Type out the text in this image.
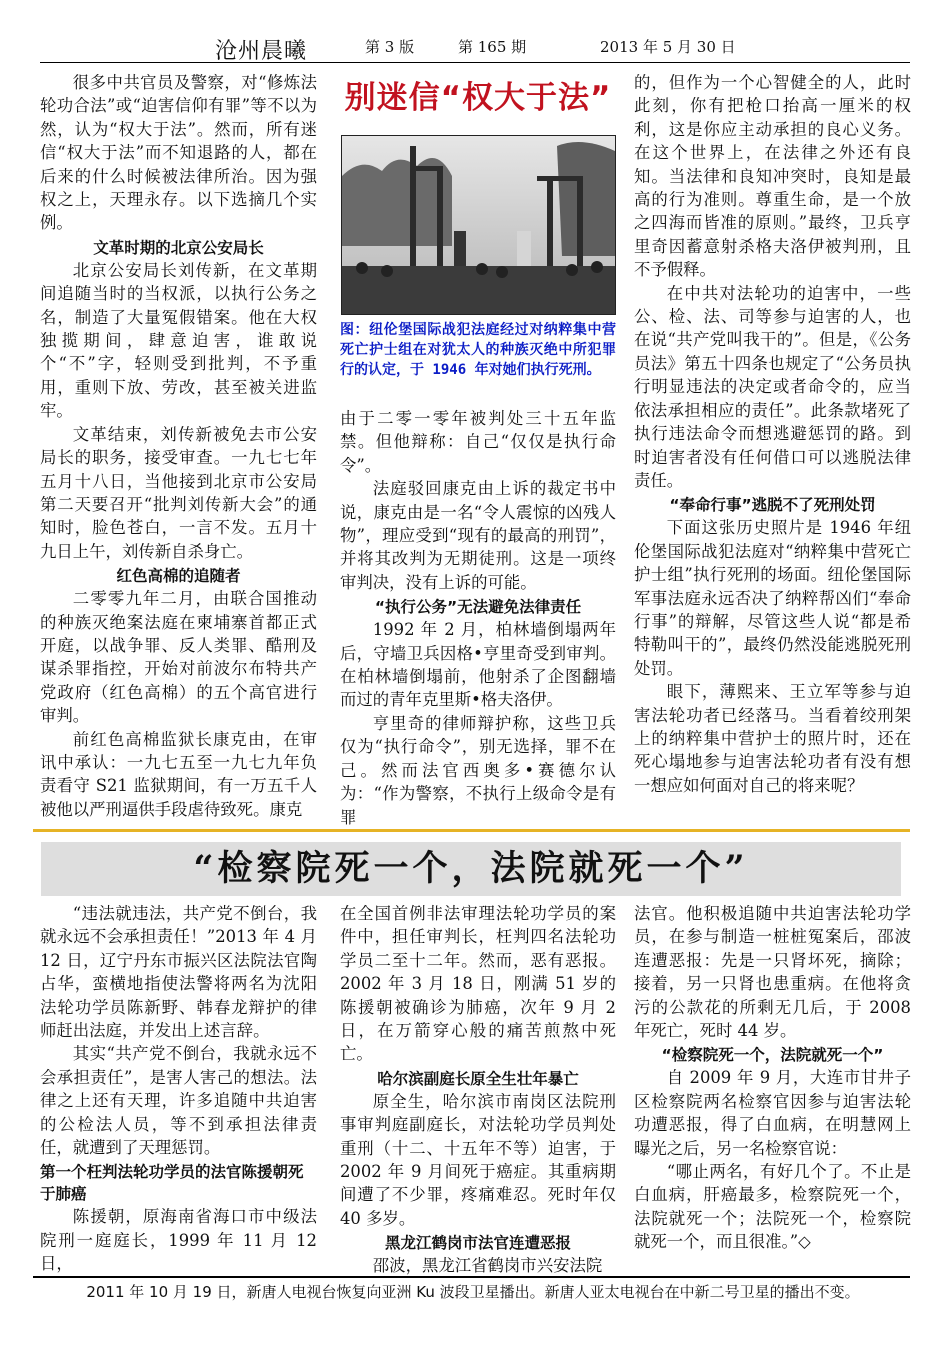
沧州晨曦	第 3 版	第 165 期	2013 年 5 月 30 日

很多中共官员及警察，对“修炼法轮功合法”或“迫害信仰有罪”等不以为然，认为“权大于法”。然而，所有迷信“权大于法”而不知退路的人，都在后来的什么时候被法律所治。因为强权之上，天理永存。以下选摘几个实例。

文革时期的北京公安局长

北京公安局长刘传新，在文革期间追随当时的当权派，以执行公务之名，制造了大量冤假错案。他在大权独揽期间，肆意迫害，谁敢说个“不”字，轻则受到批判，不予重用，重则下放、劳改，甚至被关进监牢。

文革结束，刘传新被免去市公安局长的职务，接受审查。一九七七年五月十八日，当他接到北京市公安局第二天要召开“批判刘传新大会”的通知时，脸色苍白，一言不发。五月十九日上午，刘传新自杀身亡。

红色高棉的追随者

二零零九年二月，由联合国推动的种族灭绝案法庭在柬埔寨首都正式开庭，以战争罪、反人类罪、酷刑及谋杀罪指控，开始对前波尔布特共产党政府（红色高棉）的五个高官进行审判。

前红色高棉监狱长康克由，在审讯中承认：一九七五至一九七九年负责看守 S21 监狱期间，有一万五千人被他以严刑逼供手段虐待致死。康克

别迷信“权大于法”
图：纽伦堡国际战犯法庭经过对纳粹集中营死亡护士组在对犹太人的种族灭绝中所犯罪行的认定，于 1946 年对她们执行死刑。

由于二零一零年被判处三十五年监禁。但他辩称：自己“仅仅是执行命令”。

法庭驳回康克由上诉的裁定书中说，康克由是一名“令人震惊的凶残人物”，理应受到“现有的最高的刑罚”，并将其改判为无期徒刑。这是一项终审判决，没有上诉的可能。

“执行公务”无法避免法律责任

1992 年 2 月，柏林墙倒塌两年后，守墙卫兵因格•亨里奇受到审判。在柏林墙倒塌前，他射杀了企图翻墙而过的青年克里斯•格夫洛伊。

亨里奇的律师辩护称，这些卫兵仅为“执行命令”，别无选择，罪不在己。然而法官西奥多•赛德尔认为：“作为警察，不执行上级命令是有罪

的，但作为一个心智健全的人，此时此刻，你有把枪口抬高一厘米的权利，这是你应主动承担的良心义务。在这个世界上，在法律之外还有良知。当法律和良知冲突时，良知是最高的行为准则。尊重生命，是一个放之四海而皆准的原则。”最终，卫兵亨里奇因蓄意射杀格夫洛伊被判刑，且不予假释。

在中共对法轮功的迫害中，一些公、检、法、司等参与迫害的人，也在说“共产党叫我干的”。但是，《公务员法》第五十四条也规定了“公务员执行明显违法的决定或者命令的，应当依法承担相应的责任”。此条款堵死了执行违法命令而想逃避惩罚的路。到时迫害者没有任何借口可以逃脱法律责任。

“奉命行事”逃脱不了死刑处罚

下面这张历史照片是 1946 年纽伦堡国际战犯法庭对“纳粹集中营死亡护士组”执行死刑的场面。纽伦堡国际军事法庭永远否决了纳粹帮凶们“奉命行事”的辩解，尽管这些人说“都是希特勒叫干的”，最终仍然没能逃脱死刑处罚。

眼下，薄熙来、王立军等参与迫害法轮功者已经落马。当看着绞刑架上的纳粹集中营护士的照片时，还在死心塌地参与迫害法轮功者有没有想一想应如何面对自己的将来呢？

“检察院死一个，法院就死一个”

“违法就违法，共产党不倒台，我就永远不会承担责任！”2013 年 4 月 12 日，辽宁丹东市振兴区法院法官陶占华，蛮横地指使法警将两名为沈阳法轮功学员陈新野、韩春龙辩护的律师赶出法庭，并发出上述言辞。

其实“共产党不倒台，我就永远不会承担责任”，是害人害己的想法。法律之上还有天理，许多追随中共迫害的公检法人员，等不到承担法律责任，就遭到了天理惩罚。

第一个枉判法轮功学员的法官陈援朝死于肺癌

陈援朝，原海南省海口市中级法院刑一庭庭长，1999 年 11 月 12 日，

在全国首例非法审理法轮功学员的案件中，担任审判长，枉判四名法轮功学员二至十二年。然而，恶有恶报。2002 年 3 月 18 日，刚满 51 岁的陈援朝被确诊为肺癌，次年 9 月 2 日，在万箭穿心般的痛苦煎熬中死亡。

哈尔滨副庭长原全生壮年暴亡

原全生，哈尔滨市南岗区法院刑事审判庭副庭长，对法轮功学员判处重刑（十二、十五年不等）迫害，于 2002 年 9 月间死于癌症。其重病期间遭了不少罪，疼痛难忍。死时年仅 40 多岁。

黑龙江鹤岗市法官连遭恶报

邵波，黑龙江省鹤岗市兴安法院

法官。他积极追随中共迫害法轮功学员，在参与制造一桩桩冤案后，邵波连遭恶报：先是一只肾坏死，摘除；接着，另一只肾也患重病。在他将贪污的公款花的所剩无几后，于 2008 年死亡，死时 44 岁。

“检察院死一个，法院就死一个”

自 2009 年 9 月，大连市甘井子区检察院两名检察官因参与迫害法轮功遭恶报，得了白血病，在明慧网上曝光之后，另一名检察官说：

“哪止两名，有好几个了。不止是白血病，肝癌最多，检察院死一个，法院就死一个；法院死一个，检察院就死一个，而且很准。”◇

2011 年 10 月 19 日，新唐人电视台恢复向亚洲 Ku 波段卫星播出。新唐人亚太电视台在中新二号卫星的播出不变。
